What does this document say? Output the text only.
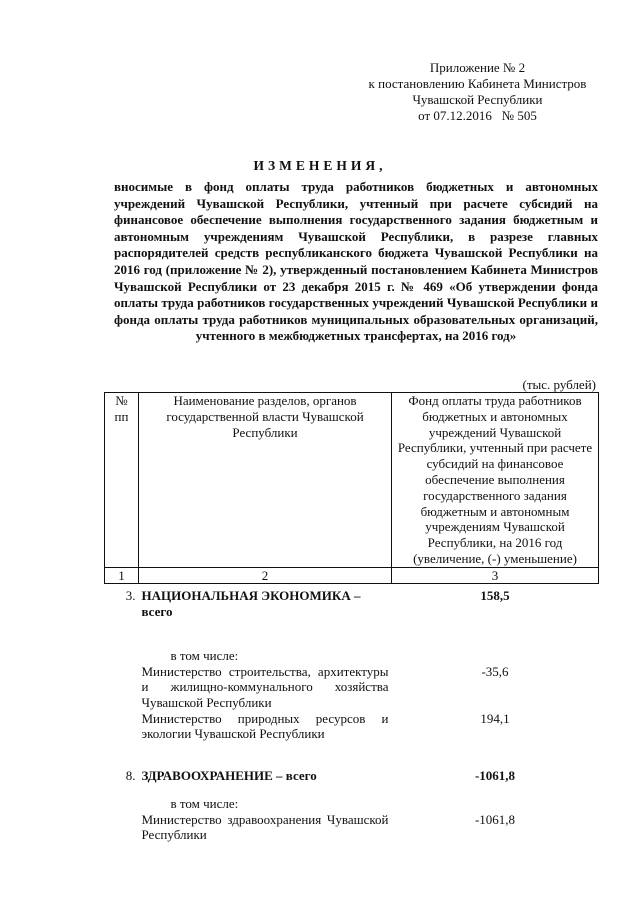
Приложение № 2
к постановлению Кабинета Министров
Чувашской Республики
от 07.12.2016   № 505
ИЗМЕНЕНИЯ,
вносимые в фонд оплаты труда работников бюджетных и автономных учреждений Чувашской Республики, учтенный при расчете субсидий на финансовое обеспечение выполнения государственного задания бюджетным и автономным учреждениям Чувашской Республики, в разрезе главных распорядителей средств республиканского бюджета Чувашской Республики на 2016 год (приложение № 2), утвержденный постановлением Кабинета Министров Чувашской Республики от 23 декабря 2015 г. № 469 «Об утверждении фонда оплаты труда работников государственных учреждений Чувашской Республики и фонда оплаты труда работников муниципальных образовательных организаций, учтенного в межбюджетных трансфертах, на 2016 год»
(тыс. рублей)
№ пп	Наименование разделов, органов государственной власти Чувашской Республики	Фонд оплаты труда работников бюджетных и автономных учреждений Чувашской Республики, учтенный при расчете субсидий на финансовое обеспечение выполнения государственного задания бюджетным и автономным учреждениям Чувашской Республики, на 2016 год (увеличение, (-) уменьшение)
1	2	3
3.	НАЦИОНАЛЬНАЯ ЭКОНОМИКА – всего	158,5
	в том числе:	
	Министерство строительства, архитектуры и жилищно-коммунального хозяйства Чувашской Республики	-35,6
	Министерство природных ресурсов и экологии Чувашской Республики	194,1

8.	ЗДРАВООХРАНЕНИЕ – всего	-1061,8
	в том числе:	
	Министерство здравоохранения Чувашской Республики	-1061,8
